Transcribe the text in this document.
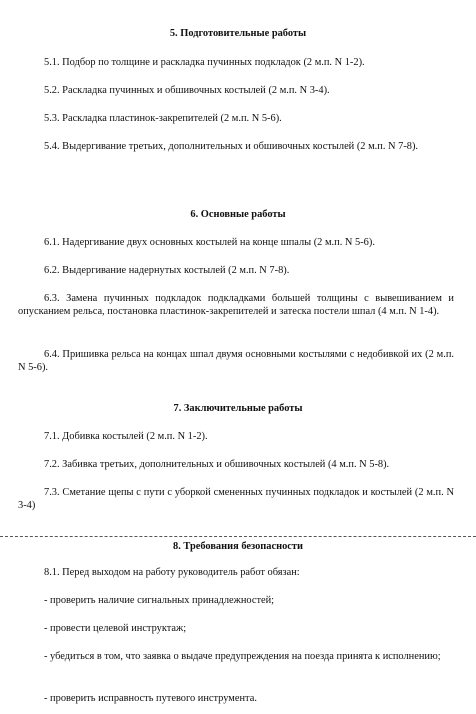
5. Подготовительные работы
5.1. Подбор по толщине и раскладка пучинных подкладок (2 м.п. N 1-2).
5.2. Раскладка пучинных и обшивочных костылей (2 м.п. N 3-4).
5.3. Раскладка пластинок-закрепителей (2 м.п. N 5-6).
5.4. Выдергивание третьих, дополнительных и обшивочных костылей (2 м.п. N 7-8).
6. Основные работы
6.1. Надергивание двух основных костылей на конце шпалы (2 м.п. N 5-6).
6.2. Выдергивание надернутых костылей (2 м.п. N 7-8).
6.3. Замена пучинных подкладок подкладками большей толщины с вывешиванием и опусканием рельса, постановка пластинок-закрепителей и затеска постели шпал (4 м.п. N 1-4).
6.4. Пришивка рельса на концах шпал двумя основными костылями с недобивкой их (2 м.п. N 5-6).
7. Заключительные работы
7.1. Добивка костылей (2 м.п. N 1-2).
7.2. Забивка третьих, дополнительных и обшивочных костылей (4 м.п. N 5-8).
7.3. Сметание щепы с пути с уборкой смененных пучинных подкладок и костылей (2 м.п. N 3-4)
8. Требования безопасности
8.1. Перед выходом на работу руководитель работ обязан:
- проверить наличие сигнальных принадлежностей;
- провести целевой инструктаж;
- убедиться в том, что заявка о выдаче предупреждения на поезда принята к исполнению;
- проверить исправность путевого инструмента.
